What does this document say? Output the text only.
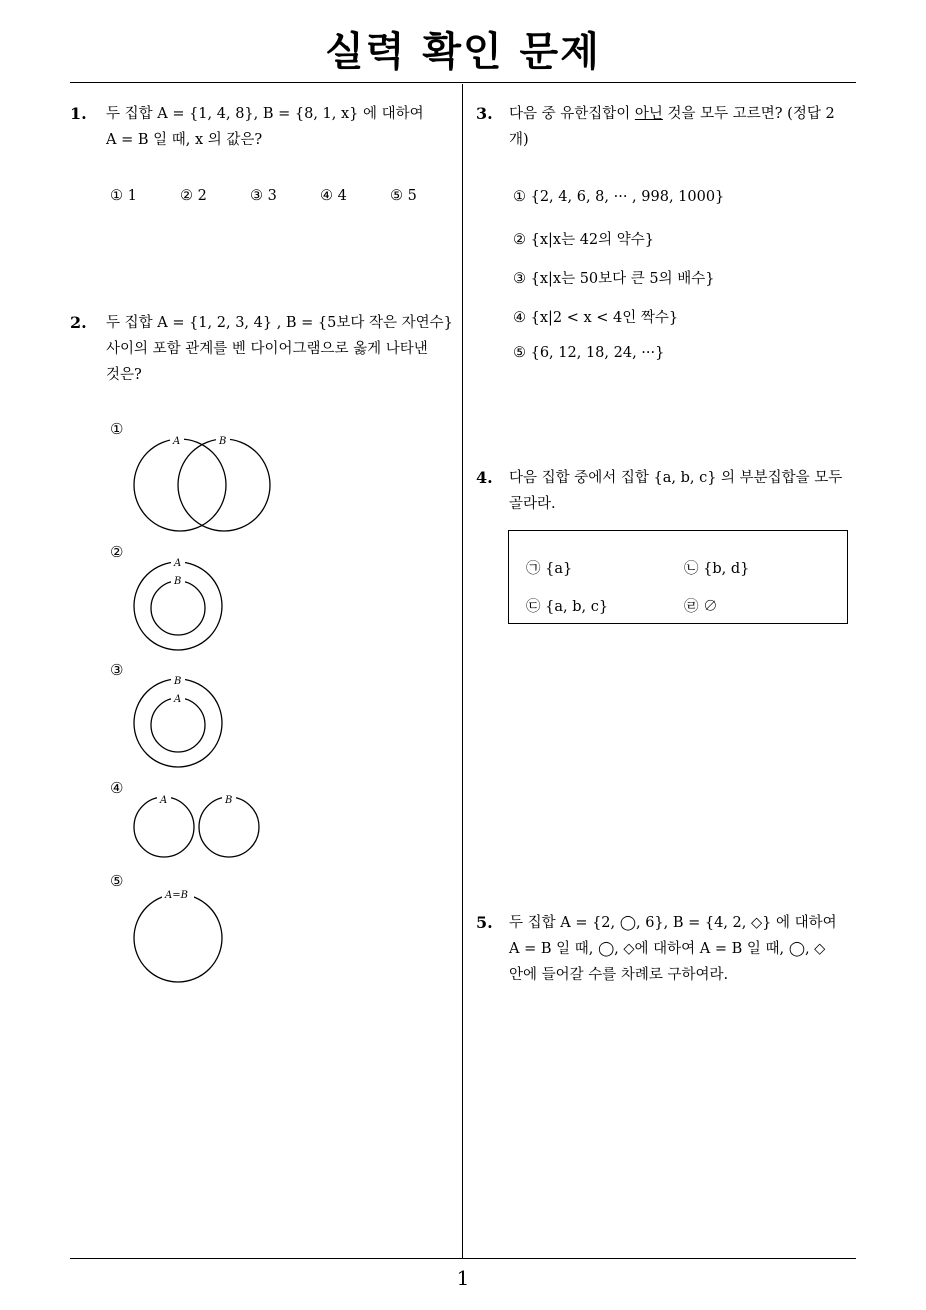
실력 확인 문제
1
1. 두 집합 A = {1, 4, 8}, B = {8, 1, x} 에 대하여
A = B 일 때, x 의 값은?
① 1	② 2	③ 3	④ 4	⑤ 5
2. 두 집합 A = {1, 2, 3, 4} , B = {5보다 작은 자연수}
사이의 포함 관계를 벤 다이어그램으로 옳게 나타낸
것은?
①
②
③
④
⑤
A	B
A
B
B
A
A	B
A=B
3. 다음 중 유한집합이 아닌 것을 모두 고르면? (정답 2
개)
① {2, 4, 6, 8, ··· , 998, 1000}
② {x|x는 42의 약수}
③ {x|x는 50보다 큰 5의 배수}
④ {x|2 < x < 4인 짝수}
⑤ {6, 12, 18, 24, ···}
4. 다음 집합 중에서 집합 {a, b, c} 의 부분집합을 모두
골라라.
㉠ {a}	㉡ {b, d}
㉢ {a, b, c}	㉣ ∅
5. 두 집합 A = {2, ◯, 6}, B = {4, 2, ◇} 에 대하여
A = B 일 때, ◯, ◇에 대하여 A = B 일 때, ◯, ◇
안에 들어갈 수를 차례로 구하여라.
